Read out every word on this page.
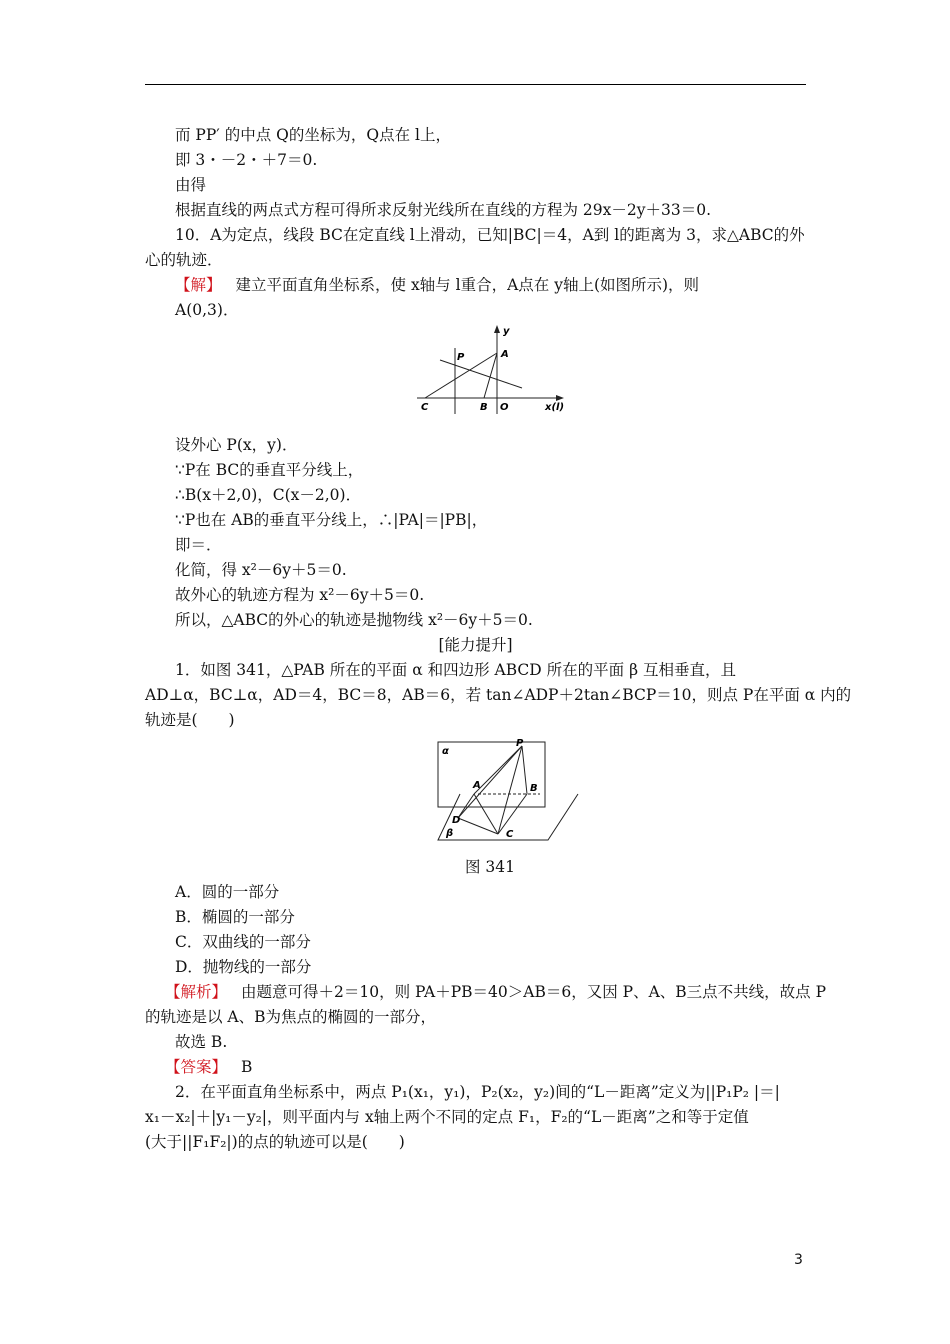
而 PP′ 的中点 Q的坐标为，Q点在 l上，
即 3・－2・＋7＝0.
由得
根据直线的两点式方程可得所求反射光线所在直线的方程为 29x－2y＋33＝0.
10．A为定点，线段 BC在定直线 l上滑动，已知|BC|＝4，A到 l的距离为 3，求△ABC的外
心的轨迹．
【解】 建立平面直角坐标系，使 x轴与 l重合，A点在 y轴上(如图所示)，则
A(0,3)．
y
A
P
C	B O	x(l)
设外心 P(x，y)．
∵P在 BC的垂直平分线上，
∴B(x＋2,0)，C(x－2,0)．
∵P也在 AB的垂直平分线上，∴|PA|＝|PB|，
即＝．
化简，得 x²－6y＋5＝0.
故外心的轨迹方程为 x²－6y＋5＝0.
所以，△ABC的外心的轨迹是抛物线 x²－6y＋5＝0.
[能力提升]
1．如图 341，△PAB 所在的平面 α 和四边形 ABCD 所在的平面 β 互相垂直，且
AD⊥α，BC⊥α，AD＝4，BC＝8，AB＝6，若 tan∠ADP＋2tan∠BCP＝10，则点 P在平面 α 内的
轨迹是(　　)
α
P
A	B
D
β	C
图 341
A．圆的一部分
B．椭圆的一部分
C．双曲线的一部分
D．抛物线的一部分
【解析】 由题意可得＋2＝10，则 PA＋PB＝40＞AB＝6，又因 P、A、B三点不共线，故点 P
的轨迹是以 A、B为焦点的椭圆的一部分，
故选 B.
【答案】 B
2．在平面直角坐标系中，两点 P₁(x₁，y₁)，P₂(x₂，y₂)间的“L－距离”定义为||P₁P₂ |＝|
x₁－x₂|＋|y₁－y₂|，则平面内与 x轴上两个不同的定点 F₁，F₂的“L－距离”之和等于定值
(大于||F₁F₂|)的点的轨迹可以是(　　)
3
